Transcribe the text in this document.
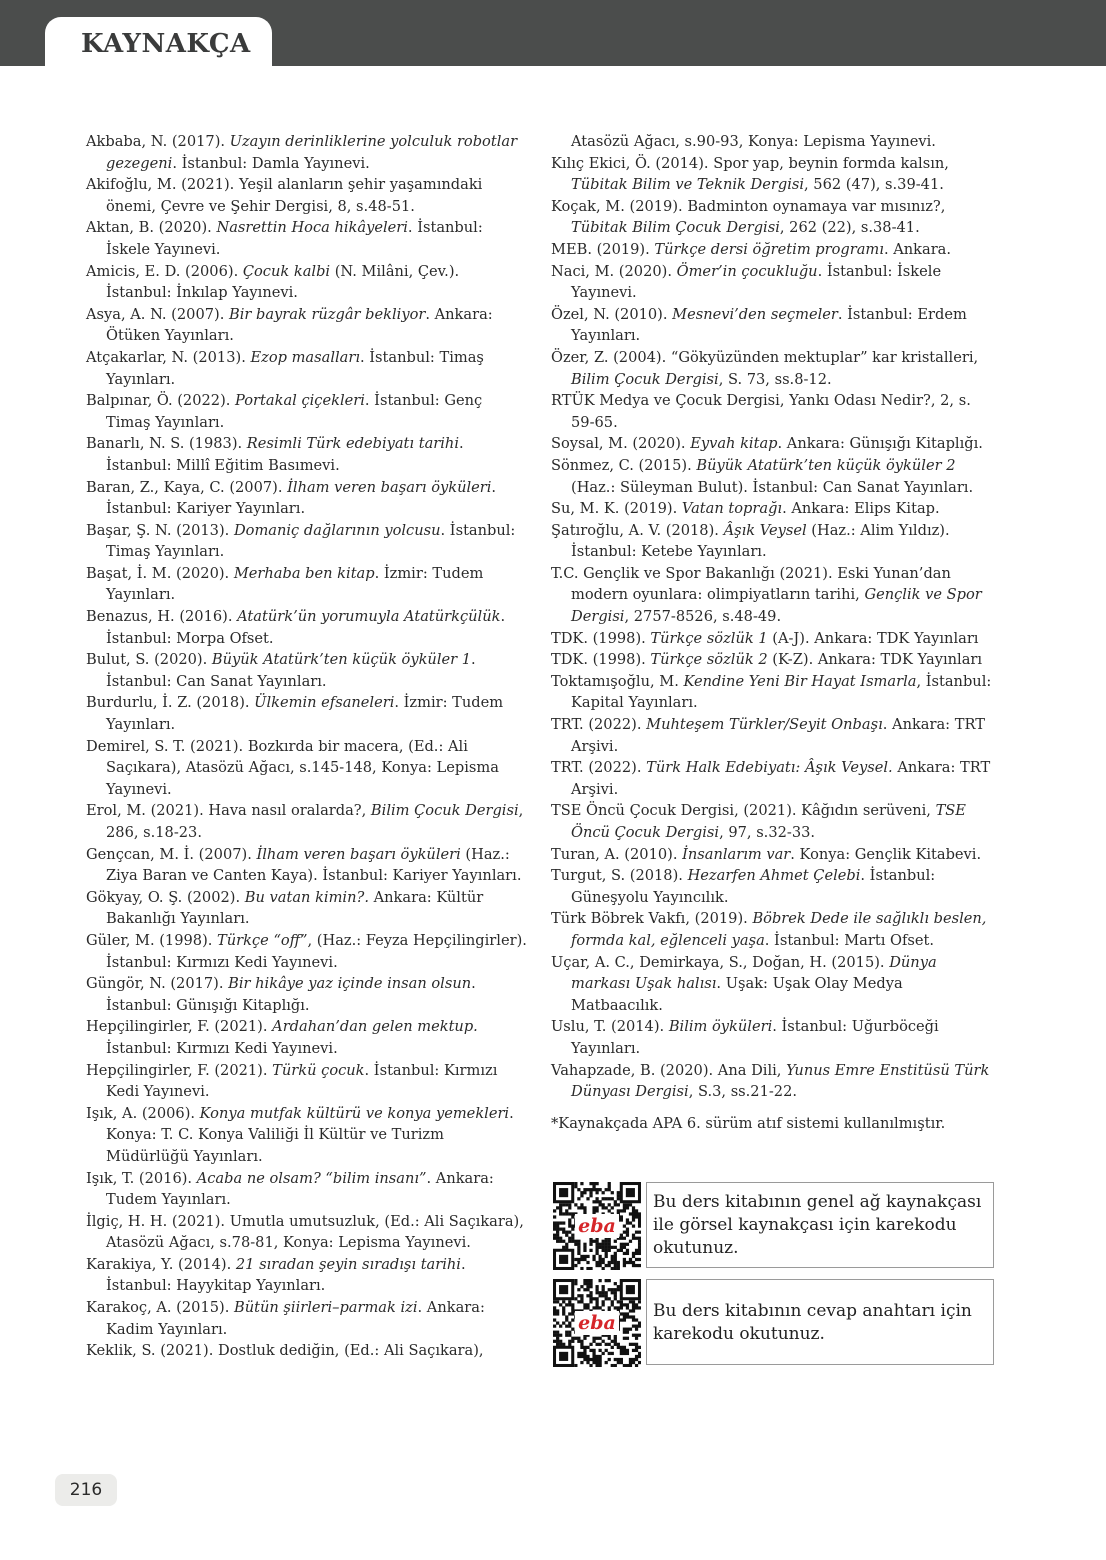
KAYNAKÇA
Akbaba, N. (2017). Uzayın derinliklerine yolculuk robotlar gezegeni. İstanbul: Damla Yayınevi.
Akifoğlu, M. (2021). Yeşil alanların şehir yaşamındaki önemi, Çevre ve Şehir Dergisi, 8, s.48-51.
Aktan, B. (2020). Nasrettin Hoca hikâyeleri. İstanbul: İskele Yayınevi.
Amicis, E. D. (2006). Çocuk kalbi (N. Milâni, Çev.). İstanbul: İnkılap Yayınevi.
Asya, A. N. (2007). Bir bayrak rüzgâr bekliyor. Ankara: Ötüken Yayınları.
Atçakarlar, N. (2013). Ezop masalları. İstanbul: Timaş Yayınları.
Balpınar, Ö. (2022). Portakal çiçekleri. İstanbul: Genç Timaş Yayınları.
Banarlı, N. S. (1983). Resimli Türk edebiyatı tarihi. İstanbul: Millî Eğitim Basımevi.
Baran, Z., Kaya, C. (2007). İlham veren başarı öyküleri. İstanbul: Kariyer Yayınları.
Başar, Ş. N. (2013). Domaniç dağlarının yolcusu. İstanbul: Timaş Yayınları.
Başat, İ. M. (2020). Merhaba ben kitap. İzmir: Tudem Yayınları.
Benazus, H. (2016). Atatürk’ün yorumuyla Atatürkçülük. İstanbul: Morpa Ofset.
Bulut, S. (2020). Büyük Atatürk’ten küçük öyküler 1. İstanbul: Can Sanat Yayınları.
Burdurlu, İ. Z. (2018). Ülkemin efsaneleri. İzmir: Tudem Yayınları.
Demirel, S. T. (2021). Bozkırda bir macera, (Ed.: Ali Saçıkara), Atasözü Ağacı, s.145-148, Konya: Lepisma Yayınevi.
Erol, M. (2021). Hava nasıl oralarda?, Bilim Çocuk Dergisi, 286, s.18-23.
Gençcan, M. İ. (2007). İlham veren başarı öyküleri (Haz.: Ziya Baran ve Canten Kaya). İstanbul: Kariyer Yayınları.
Gökyay, O. Ş. (2002). Bu vatan kimin?. Ankara: Kültür Bakanlığı Yayınları.
Güler, M. (1998). Türkçe “off”, (Haz.: Feyza Hepçilingirler). İstanbul: Kırmızı Kedi Yayınevi.
Güngör, N. (2017). Bir hikâye yaz içinde insan olsun. İstanbul: Günışığı Kitaplığı.
Hepçilingirler, F. (2021). Ardahan’dan gelen mektup. İstanbul: Kırmızı Kedi Yayınevi.
Hepçilingirler, F. (2021). Türkü çocuk. İstanbul: Kırmızı Kedi Yayınevi.
Işık, A. (2006). Konya mutfak kültürü ve konya yemekleri. Konya: T. C. Konya Valiliği İl Kültür ve Turizm Müdürlüğü Yayınları.
Işık, T. (2016). Acaba ne olsam? “bilim insanı”. Ankara: Tudem Yayınları.
İlgiç, H. H. (2021). Umutla umutsuzluk, (Ed.: Ali Saçıkara), Atasözü Ağacı, s.78-81, Konya: Lepisma Yayınevi.
Karakiya, Y. (2014). 21 sıradan şeyin sıradışı tarihi. İstanbul: Hayykitap Yayınları.
Karakoç, A. (2015). Bütün şiirleri–parmak izi. Ankara: Kadim Yayınları.
Keklik, S. (2021). Dostluk dediğin, (Ed.: Ali Saçıkara),
Atasözü Ağacı, s.90-93, Konya: Lepisma Yayınevi.
Kılıç Ekici, Ö. (2014). Spor yap, beynin formda kalsın, Tübitak Bilim ve Teknik Dergisi, 562 (47), s.39-41.
Koçak, M. (2019). Badminton oynamaya var mısınız?, Tübitak Bilim Çocuk Dergisi, 262 (22), s.38-41.
MEB. (2019). Türkçe dersi öğretim programı. Ankara.
Naci, M. (2020). Ömer’in çocukluğu. İstanbul: İskele Yayınevi.
Özel, N. (2010). Mesnevi’den seçmeler. İstanbul: Erdem Yayınları.
Özer, Z. (2004). “Gökyüzünden mektuplar” kar kristalleri, Bilim Çocuk Dergisi, S. 73, ss.8-12.
RTÜK Medya ve Çocuk Dergisi, Yankı Odası Nedir?, 2, s. 59-65.
Soysal, M. (2020). Eyvah kitap. Ankara: Günışığı Kitaplığı.
Sönmez, C. (2015). Büyük Atatürk’ten küçük öyküler 2 (Haz.: Süleyman Bulut). İstanbul: Can Sanat Yayınları.
Su, M. K. (2019). Vatan toprağı. Ankara: Elips Kitap.
Şatıroğlu, A. V. (2018). Âşık Veysel (Haz.: Alim Yıldız). İstanbul: Ketebe Yayınları.
T.C. Gençlik ve Spor Bakanlığı (2021). Eski Yunan’dan modern oyunlara: olimpiyatların tarihi, Gençlik ve Spor Dergisi, 2757-8526, s.48-49.
TDK. (1998). Türkçe sözlük 1 (A-J). Ankara: TDK Yayınları
TDK. (1998). Türkçe sözlük 2 (K-Z). Ankara: TDK Yayınları
Toktamışoğlu, M. Kendine Yeni Bir Hayat Ismarla, İstanbul: Kapital Yayınları.
TRT. (2022). Muhteşem Türkler/Seyit Onbaşı. Ankara: TRT Arşivi.
TRT. (2022). Türk Halk Edebiyatı: Âşık Veysel. Ankara: TRT Arşivi.
TSE Öncü Çocuk Dergisi, (2021). Kâğıdın serüveni, TSE Öncü Çocuk Dergisi, 97, s.32-33.
Turan, A. (2010). İnsanlarım var. Konya: Gençlik Kitabevi.
Turgut, S. (2018). Hezarfen Ahmet Çelebi. İstanbul: Güneşyolu Yayıncılık.
Türk Böbrek Vakfı, (2019). Böbrek Dede ile sağlıklı beslen, formda kal, eğlenceli yaşa. İstanbul: Martı Ofset.
Uçar, A. C., Demirkaya, S., Doğan, H. (2015). Dünya markası Uşak halısı. Uşak: Uşak Olay Medya Matbaacılık.
Uslu, T. (2014). Bilim öyküleri. İstanbul: Uğurböceği Yayınları.
Vahapzade, B. (2020). Ana Dili, Yunus Emre Enstitüsü Türk Dünyası Dergisi, S.3, ss.21-22.
*Kaynakçada APA 6. sürüm atıf sistemi kullanılmıştır.
eba
Bu ders kitabının genel ağ kaynakçası ile görsel kaynakçası için karekodu okutunuz.
eba
Bu ders kitabının cevap anahtarı için karekodu okutunuz.
216
